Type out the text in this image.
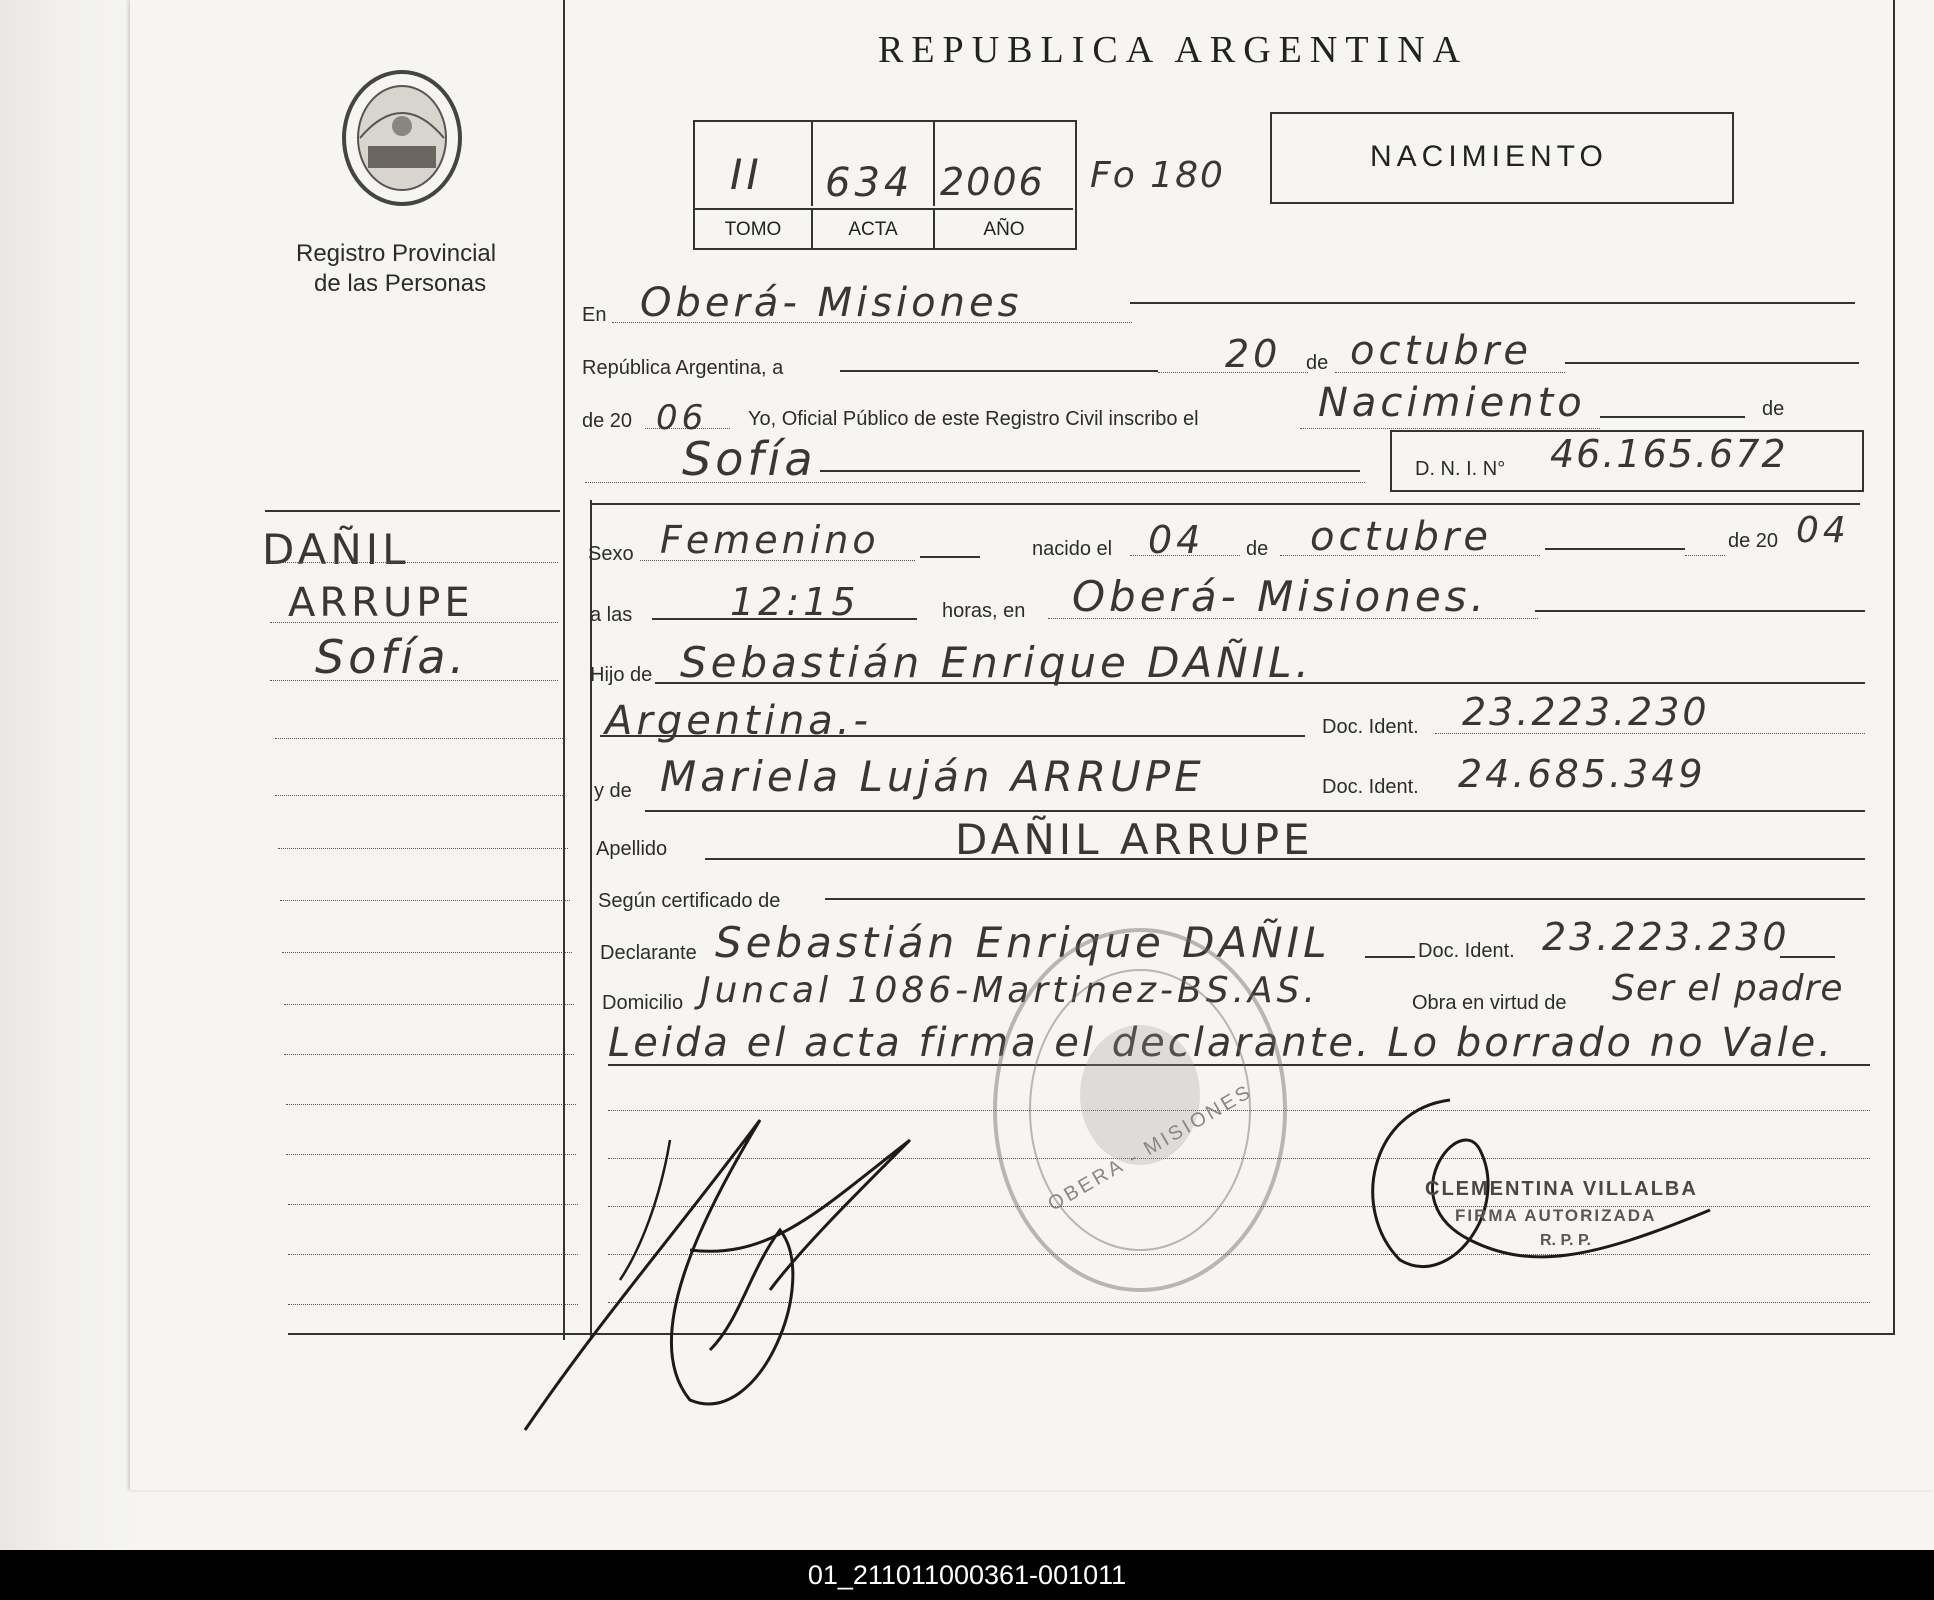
Registro Provincial
de las Personas
REPUBLICA ARGENTINA
TOMO	ACTA	AÑO
II 634 2006 Fo 180	NACIMIENTO
En Oberá- Misiones
República Argentina, a	20 de octubre
de 20 06 Yo, Oficial Público de este Registro Civil inscribo el	Nacimiento	de
Sofía	D. N. I. N° 46.165.672
DAÑIL
ARRUPE
Sofía.
Sexo Femenino	nacido el 04 de octubre	de 20 04
a las	12:15	horas, en Oberá- Misiones.
Hijo de Sebastián Enrique DAÑIL.
Argentina.-	Doc. Ident. 23.223.230
y de Mariela Luján ARRUPE	Doc. Ident. 24.685.349
Apellido	DAÑIL ARRUPE
Según certificado de
Declarante Sebastián Enrique DAÑIL	Doc. Ident. 23.223.230
Domicilio Juncal 1086-Martinez-BS.AS.	Obra en virtud de Ser el padre
Leida el acta firma el declarante. Lo borrado no Vale.
OBERA - MISIONES	CLEMENTINA VILLALBA
FIRMA AUTORIZADA
R. P. P.
01_211011000361-001011
